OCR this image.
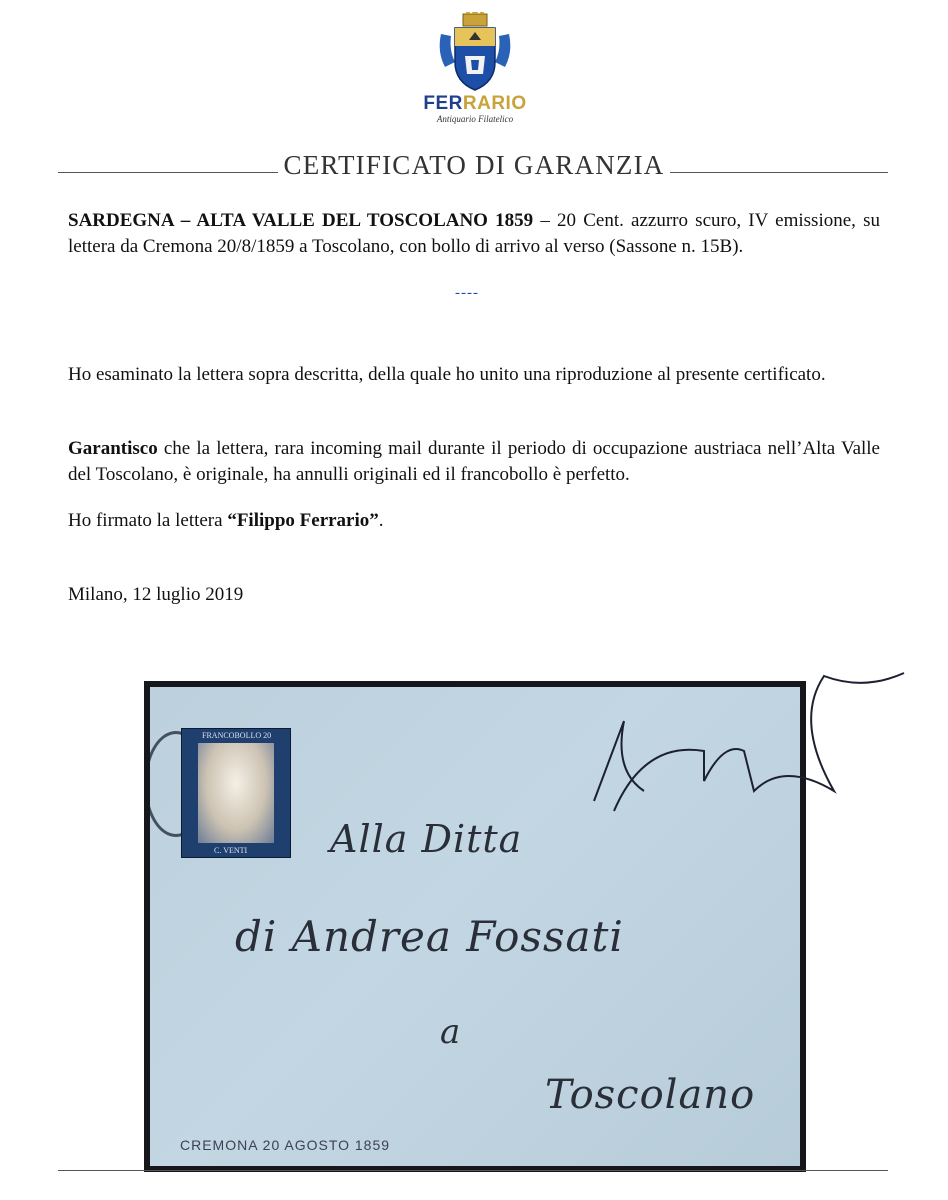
FERRARIO
Antiquario Filatelico
CERTIFICATO DI GARANZIA
SARDEGNA – ALTA VALLE DEL TOSCOLANO 1859 – 20 Cent. azzurro scuro, IV emissione, su lettera da Cremona 20/8/1859 a Toscolano, con bollo di arrivo al verso (Sassone n. 15B).
----
Ho esaminato la lettera sopra descritta, della quale ho unito una riproduzione al presente certificato.
Garantisco che la lettera, rara incoming mail durante il periodo di occupazione austriaca nell’Alta Valle del Toscolano, è originale, ha annulli originali ed il francobollo è perfetto.
Ho firmato la lettera “Filippo Ferrario”.
Milano, 12 luglio 2019
FRANCOBOLLO 20
C. VENTI Alla Ditta
di Andrea Fossati
a
Toscolano
CREMONA 20 AGOSTO 1859
